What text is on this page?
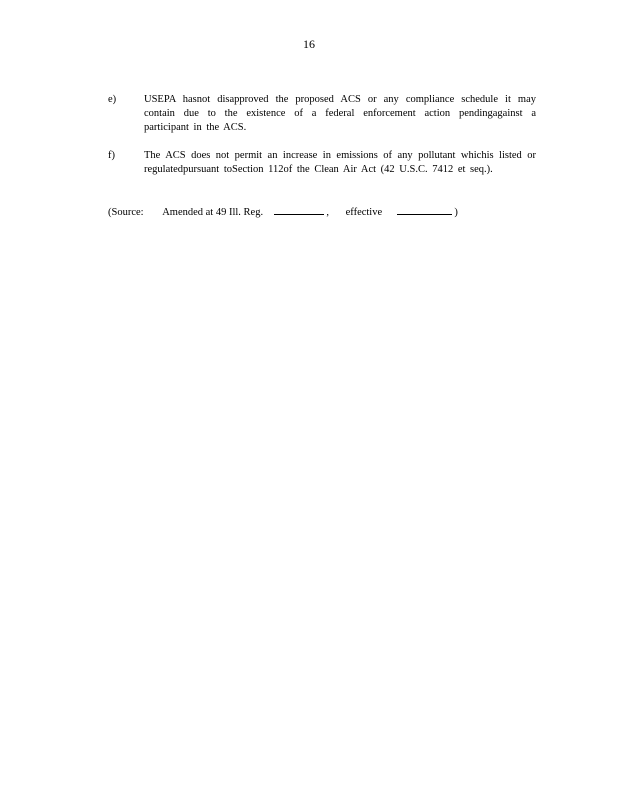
16
e)	USEPA hasnot disapproved the proposed ACS or any compliance schedule it may contain due to the existence of a federal enforcement action pendingagainst a participant in the ACS.
f)	The ACS does not permit an increase in emissions of any pollutant whichis listed or regulatedpursuant toSection 112of the Clean Air Act (42 U.S.C. 7412 et seq.).
(Source: Amended at 49 Ill. Reg.	, effective	)
